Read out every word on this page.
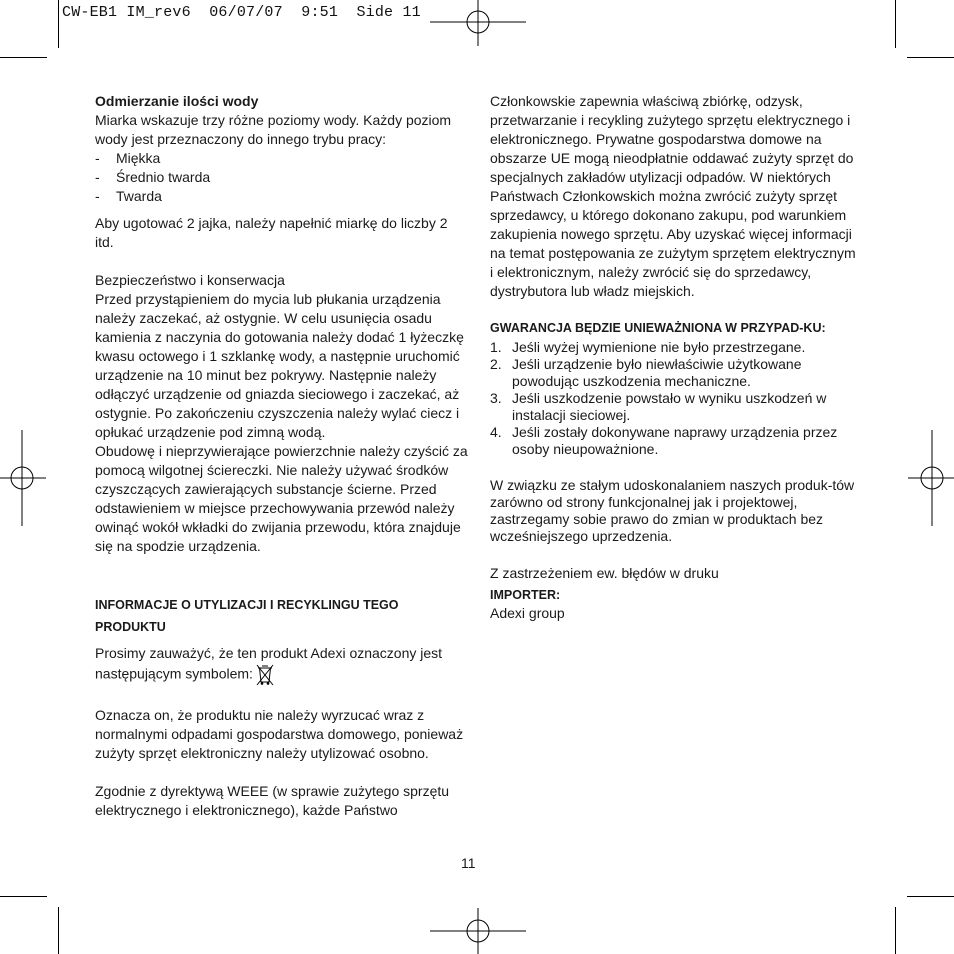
CW-EB1 IM_rev6  06/07/07  9:51  Side 11

Odmierzanie ilości wody

Miarka wskazuje trzy różne poziomy wody. Każdy poziom wody jest przeznaczony do innego trybu pracy:

- Miękka
- Średnio twarda
- Twarda

Aby ugotować 2 jajka, należy napełnić miarkę do liczby 2 itd.

Bezpieczeństwo i konserwacja

Przed przystąpieniem do mycia lub płukania urządzenia należy zaczekać, aż ostygnie. W celu usunięcia osadu kamienia z naczynia do gotowania należy dodać 1 łyżeczkę kwasu octowego i 1 szklankę wody, a następnie uruchomić urządzenie na 10 minut bez pokrywy. Następnie należy odłączyć urządzenie od gniazda sieciowego i zaczekać, aż ostygnie. Po zakończeniu czyszczenia należy wylać ciecz i opłukać urządzenie pod zimną wodą.

Obudowę i nieprzywierające powierzchnie należy czyścić za pomocą wilgotnej ściereczki. Nie należy używać środków czyszczących zawierających substancje ścierne. Przed odstawieniem w miejsce przechowywania przewód należy owinąć wokół wkładki do zwijania przewodu, która znajduje się na spodzie urządzenia.

INFORMACJE O UTYLIZACJI I RECYKLINGU TEGO PRODUKTU

Prosimy zauważyć, że ten produkt Adexi oznaczony jest następującym symbolem:

Oznacza on, że produktu nie należy wyrzucać wraz z normalnymi odpadami gospodarstwa domowego, ponieważ zużyty sprzęt elektroniczny należy utylizować osobno.

Zgodnie z dyrektywą WEEE (w sprawie zużytego sprzętu elektrycznego i elektronicznego), każde Państwo

Członkowskie zapewnia właściwą zbiórkę, odzysk, przetwarzanie i recykling zużytego sprzętu elektrycznego i elektronicznego. Prywatne gospodarstwa domowe na obszarze UE mogą nieodpłatnie oddawać zużyty sprzęt do specjalnych zakładów utylizacji odpadów. W niektórych Państwach Członkowskich można zwrócić zużyty sprzęt sprzedawcy, u którego dokonano zakupu, pod warunkiem zakupienia nowego sprzętu. Aby uzyskać więcej informacji na temat postępowania ze zużytym sprzętem elektrycznym i elektronicznym, należy zwrócić się do sprzedawcy, dystrybutora lub władz miejskich.

GWARANCJA BĘDZIE UNIEWAŻNIONA W PRZYPAD-KU:

1. Jeśli wyżej wymienione nie było przestrzegane.
2. Jeśli urządzenie było niewłaściwie użytkowane powodując uszkodzenia mechaniczne.
3. Jeśli uszkodzenie powstało w wyniku uszkodzeń w instalacji sieciowej.
4. Jeśli zostały dokonywane naprawy urządzenia przez osoby nieupoważnione.

W związku ze stałym udoskonalaniem naszych produk-tów zarówno od strony funkcjonalnej jak i projektowej, zastrzegamy sobie prawo do zmian w produktach bez wcześniejszego uprzedzenia.

Z zastrzeżeniem ew. błędów w druku

IMPORTER:

Adexi group

11
